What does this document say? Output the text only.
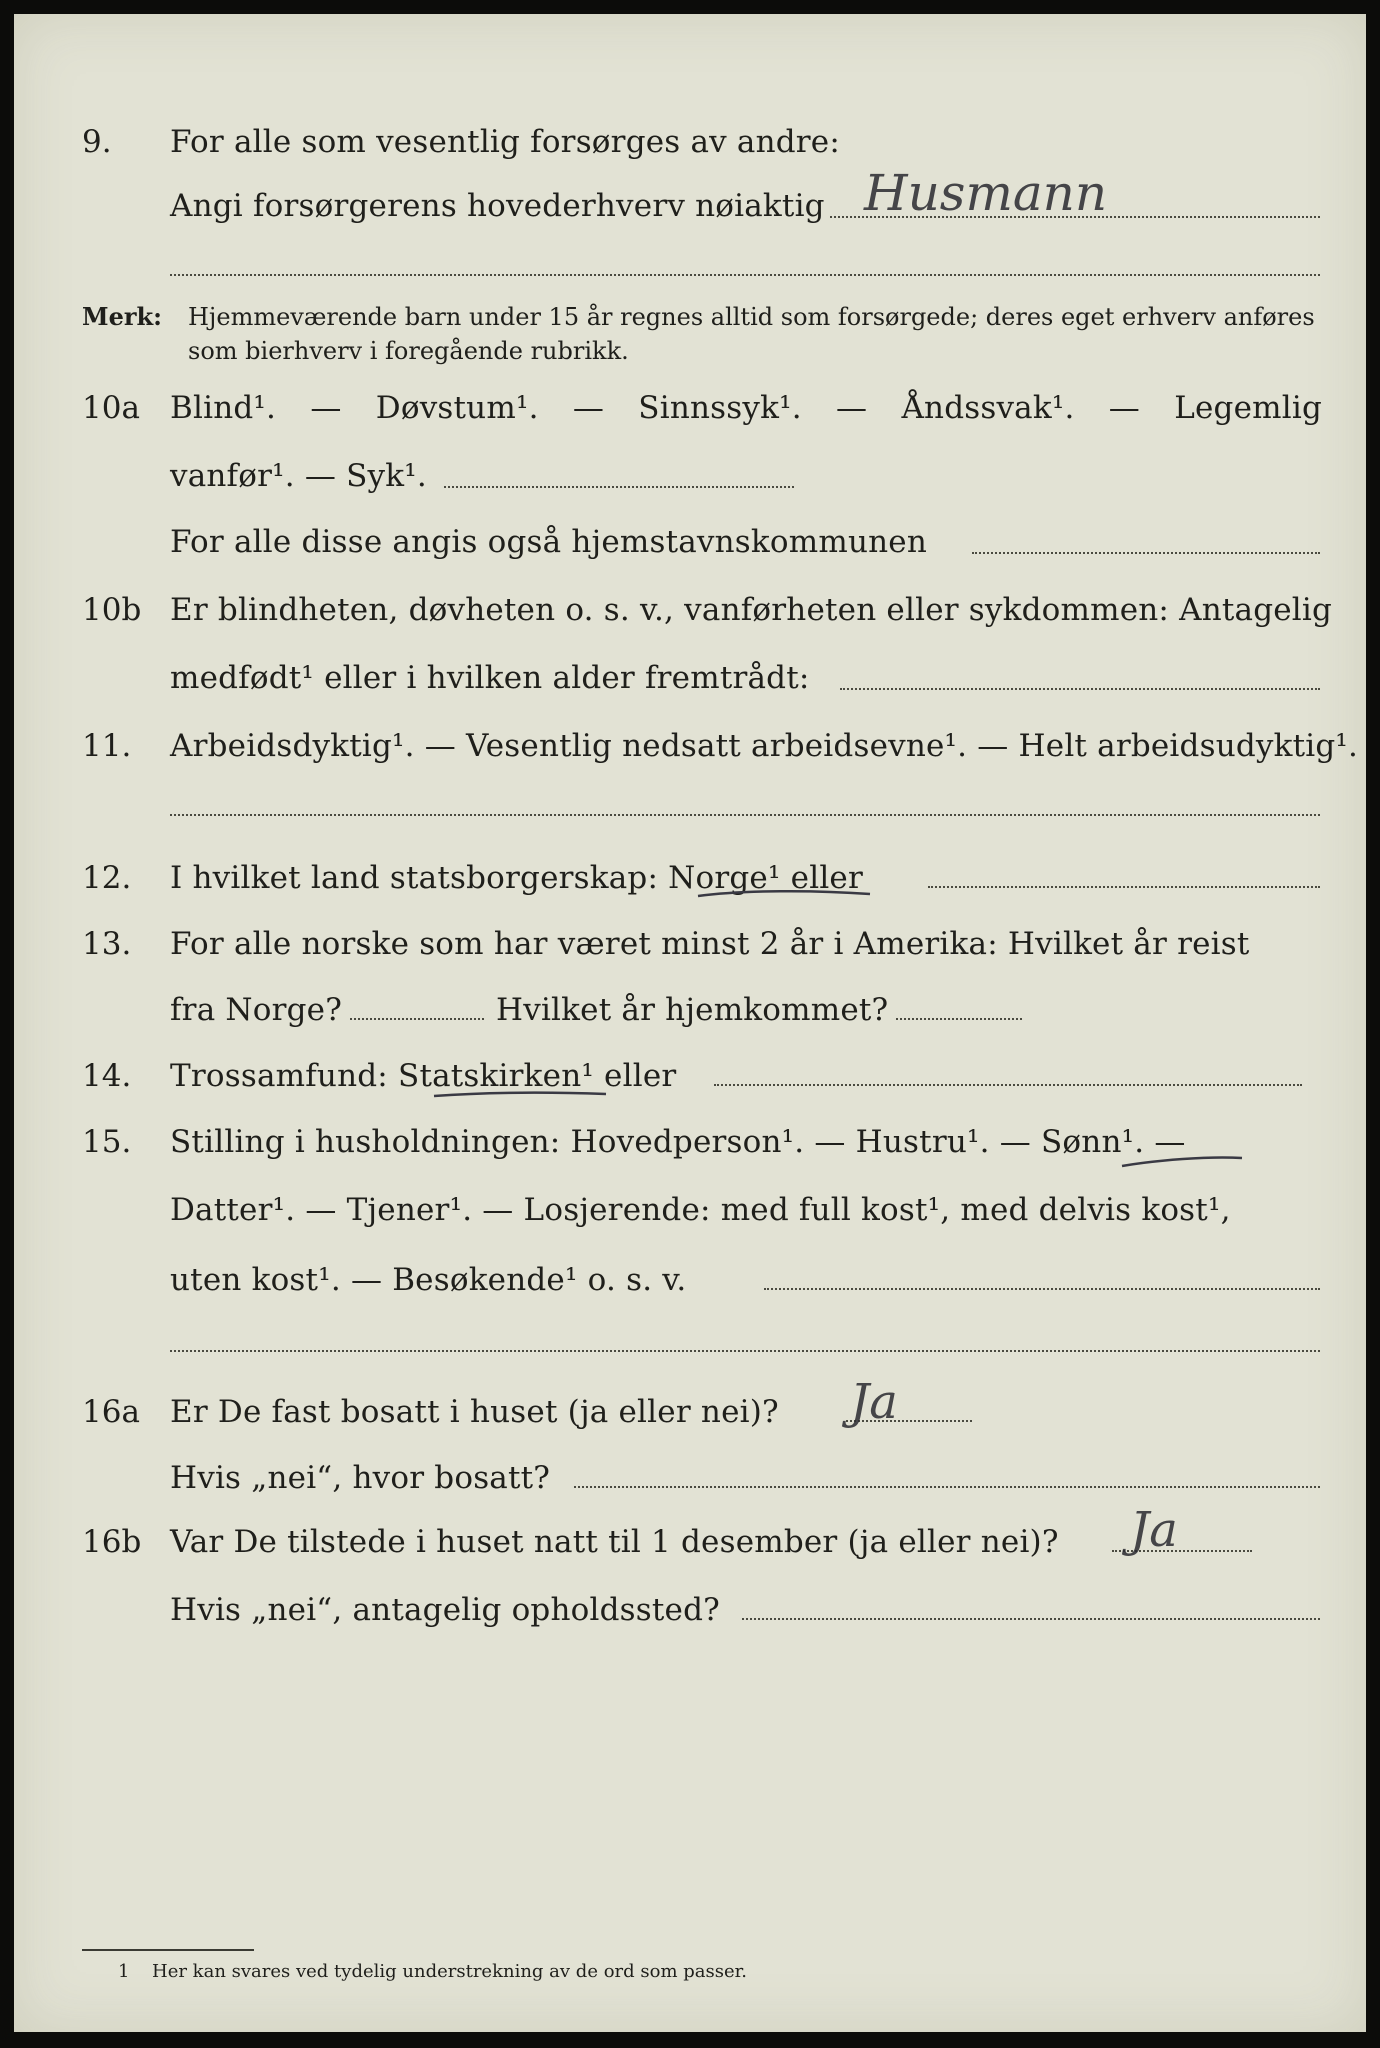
9.	For alle som vesentlig forsørges av andre:
Angi forsørgerens hovederhverv nøiaktig Husmann
Merk: Hjemmeværende barn under 15 år regnes alltid som forsørgede; deres eget erhverv anføres som bierhverv i foregående rubrikk.
10a Blind¹. — Døvstum¹. — Sinnssyk¹. — Åndssvak¹. — Legemlig
vanfør¹. — Syk¹.
For alle disse angis også hjemstavnskommunen
10b Er blindheten, døvheten o. s. v., vanførheten eller sykdommen: Antagelig
medfødt¹ eller i hvilken alder fremtrådt:
11.	Arbeidsdyktig¹. — Vesentlig nedsatt arbeidsevne¹. — Helt arbeidsudyktig¹.
12.	I hvilket land statsborgerskap: Norge¹ eller
13.	For alle norske som har været minst 2 år i Amerika: Hvilket år reist
fra Norge?	Hvilket år hjemkommet?
14.	Trossamfund: Statskirken¹ eller
15.	Stilling i husholdningen: Hovedperson¹. — Hustru¹. — Sønn¹. —
Datter¹. — Tjener¹. — Losjerende: med full kost¹, med delvis kost¹,
uten kost¹. — Besøkende¹ o. s. v.
16a Er De fast bosatt i huset (ja eller nei)? Ja
Hvis „nei“, hvor bosatt?
16b Var De tilstede i huset natt til 1 desember (ja eller nei)? Ja
Hvis „nei“, antagelig opholdssted?
1 Her kan svares ved tydelig understrekning av de ord som passer.
